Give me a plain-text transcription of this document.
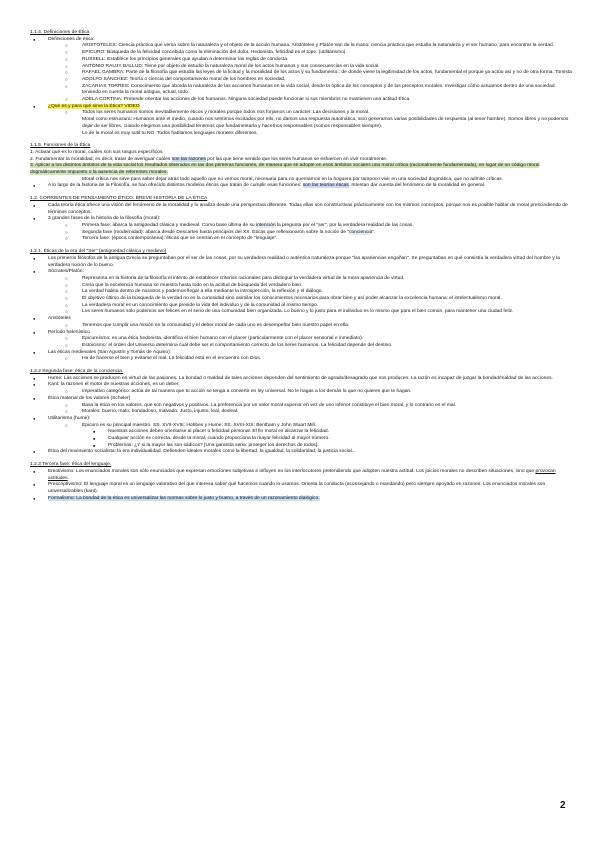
1.1.4. Definiciones de Ética

● Definiciones de ética:
○ ARISTOTELES: Ciencia práctica que versa sobre la naturaleza y el objeto de la acción humana. Aristóteles y Platón van de la mano: ciencia práctica que estudia la naturaleza y el ser humano, para encontrar la verdad.
○ EPICURO: Búsqueda de la felicidad concebida como la eliminación del dolor. Hedonista, felicidad es el tope. (utilitarismo).
○ RUSSELL: Establece los principios generales que ayudan a determinar las reglas de conducta.
○ ANTONIO RAUJY BALLUD: Tiene por objeto de estudio la naturaleza moral de los actos humanos y sus consecuencias en la vida social.
○ RAFAEL GAMBRA: Parte de la filosofía que estudia las leyes de la licitud y la moralidad de los actos y su fundamento.: de donde viene la legitimidad de los actos, fundamental el porque ya actúo así y no de otra forma. Tomista
○ ADOLFO SÁNCHEZ: Teoría o ciencia del comportamiento moral de los hombres en sociedad.
○ ZACARIAS TORRES: Conocimiento que aborda la naturaleza de las acciones humanas en la vida social, desde la óptica de los conceptos y de los preceptos morales. Investigar cómo actuamos dentro de una sociedad teniendo en cuenta la moral antigua, actual, todo.
○ ADELA CORTINA: Pretende orientar las acciones de los humanos. Ninguna sociedad puede funcionar si sus miembros no mantienen una actitud Ética.
● ¿Qué es y para qué sirve la Ética? VIDEO
○ Todos los seres humanos somos inevitablemente éticos y morales porque todos nos forjamos un carácter. Las decisiones y la moral.
Moral como estructura: Humanos ante el medio, cuando nos sentimos excitados por ello, no damos una respuesta automática, sino generamos varias posibilidades de respuesta (al tener hambre). Somos libres y no podemos dejar de ser libres, cuando elegimos una posibilidad tenemos que fundamentarla y hacernos responsables (somos responsables siempre).
Lo de la moral es muy sutil tu NO. Todos hablamos lenguajes morales diferentes.

1.1.5. Funciones de la Ética

1. Aclarar qué es lo moral, cuáles son sus rasgos específicos.

2. Fundamentar la moralidad, es decir, tratar de averiguar cuáles son las razones por las que tiene sentido que los seres humanos se esfuercen en vivir moralmente.

3. Aplicar a los distintos ámbitos de la vida social los resultados obtenidos en las dos primeras funciones, de manera que se adopte en esos ámbitos sociales una moral crítica (racionalmente fundamentada), en lugar de un código moral dogmáticamente impuesto o la ausencia de referentes morales.

Moral crítica nos sirve para saber dejar atrás todo aquello que no vemos moral, necesaria para no quemarnos en la hoguera por tampoco vivir en una sociedad dogmática, que no admite críticas.
● A lo largo de la historia de la Filosofía, se han ofrecido distintos modelos éticos que tratan de cumplir esas funciones: son las teorías éticas. Intentan dar cuenta del fenómeno de la moralidad en general.

1.2. CORRIENTES DE PENSAMIENTO ÉTICO. BREVE HISTORIA DE LA ÉTICA

● Cada teoría ética ofrece una visión del fenómeno de la moralidad y lo analiza desde una perspectiva diferente. Todas ellas son constructivas prácticamente con los mismos conceptos, porque nos es posible hablar de moral prescindiendo de términos conceptos.
● 3 grandes fases de la historia de la filosofía (moral):
○ Primera fase: abarca la antigüedad clásica y medieval. Como base última de su intención la pregunta por el "ser", por la verdadera realidad de las cosas.
○ Segunda fase (modernidad): abarca desde Descartes hasta principios del XX. Éticas que reflexionaron sobre la noción de "conciencia".
○ Tercera fase: (época contemporánea): éticas que se centran en el concepto de "lenguaje".

1.2.1. Éticas de la era del "Ser" (antigüedad clásica y medievo)

● Los primeros filósofos de la antigua Grecia se preguntaban por el ser de las cosas, por su verdadera realidad o auténtica naturaleza porque "las apariencias engañan". Se preguntaban en qué consistía la verdadera virtud del hombre y la verdadera noción de lo bueno.
● Sócrates/Platón:
○ Representa en la historia de la filosofía el intento de establecer criterios racionales para distinguir la verdadera virtud de la mera apariencia de virtud.
○ Creía que la excelencia humana se muestra hasta todo en la actitud de búsqueda del verdadero bien.
○ La verdad habita dentro de nosotros y podemos llegar a ella mediante la introspección, la reflexión y el diálogo.
○ El objetivo último de la búsqueda de la verdad no es la curiosidad sino asimilar los conocimientos necesarios para obrar bien y así poder alcanzar la excelencia humana: el intelectualismo moral.
○ La verdadera moral es un conocimiento que preside la vida del individuo y de la comunidad al mismo tiempo.
○ Los seres humanos solo podemos ser felices en el seno de una comunidad bien organizada. Lo bueno y lo justo para el individuo es lo mismo que para el bien común, para mantener una ciudad feliz.
● Aristóteles
○ Tenemos que cumplir una misión en la comunidad y el deber moral de cada uno es desempeñar bien nuestro papel en ella.
● Período helenístico
○ Epicureísmo: es una ética hedonista, identifica el bien humano con el placer (particularmente con el placer sensorial e inmediato).
○ Estoicismo: el orden del Universo determina cuál debe ser el comportamiento correcto de los seres humanos. La felicidad depende del destino.
● Las éticas medievales (San Agustín y Tomás de Aquino):
○ Ha de hacerse el bien y evitarse el mal. La felicidad está en el encuentro con Dios.

1.2.2 Segunda fase: ética de la conciencia.

● Hume: Las acciones se producen en virtud de las pasiones. La bondad o maldad de tales acciones dependen del sentimiento de agrado/desagrado que nos producen. La razón es incapaz de juzgar la bondad/maldad de las acciones.
● Kant: la razones el motor de nuestras acciones, es un deber.
○ Imperativo categórico: actúa de tal manera que tu acción se tenga a convertir en ley universal. No le hagas a los demás lo que no quieres que te hagan.
● Ética material de los valores (Scheler)
○ Basa la ética en los valores, que son negativos y positivos. La preferencia por un valor moral superior en vez de uno inferior constituye el bien moral, y lo contrario es el mal.
○ Morales: bueno, malo, bondadoso, malvado. Justo, injusto, leal, desleal.
● Utilitarismo (hume):
○ Epicuro es su principal maestro. SS. XVII-XVIII: Hobbes y Hume; SS. XVIII-XIX: Bentham y John Stuart Mill.
■ Nuestras acciones deben orientarse al placer o felicidad personal. El fin moral es alcanzar la felicidad.
■ Cualquier acción es correcta, desde la moral, cuando proporciona la mayor felicidad al mayor número.
■ Problemas: ¿Y si la mayor las son sádicos? [Una garantía seria: proteger los derechos de todos].
● Ética del movimiento socialista: la era individualidad. Defienden ideales morales como la libertad, la igualdad, la solidaridad, la justicia social...

1.2.3 Tercera fase: ética del lenguaje.

● Emotivismo: Los enunciados morales son sólo enunciados que expresan emociones subjetivas e influyen en los interlocutores pretendiendo que adopten nuestra actitud. Los juicios morales no describen situaciones, sino que provocan actitudes.
● Prescriptivismo: El lenguaje moral es un lenguaje valorativo del que interesa saber qué hacemos cuando lo usamos. Orienta la conducta (aconsejando o mandando) pero siempre apoyado en razones. Los enunciados morales son universalizables (kant).
● Formalismo: La bondad de la ética es universalizar las normas sobre lo justo y bueno, a través de un razonamiento dialógico.
2
